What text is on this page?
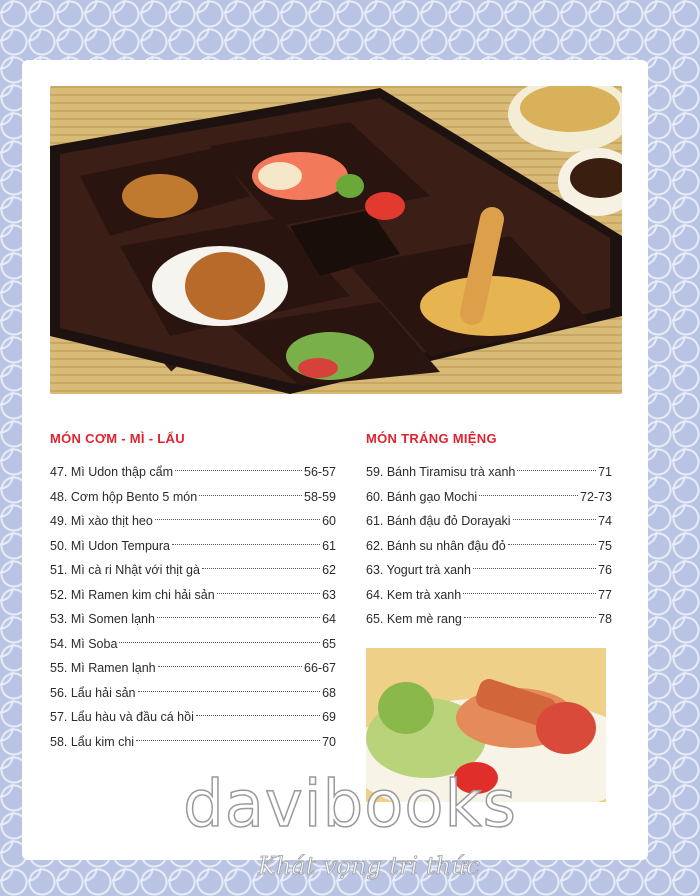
MÓN CƠM - MÌ - LẨU
47. Mì Udon thập cẩm	56-57
48. Cơm hộp Bento 5 món	58-59
49. Mì xào thịt heo	60
50. Mì Udon Tempura	61
51. Mì cà ri Nhật với thịt gà	62
52. Mì Ramen kim chi hải sản	63
53. Mì Somen lạnh	64
54. Mì Soba	65
55. Mì Ramen lạnh	66-67
56. Lẩu hải sản	68
57. Lẩu hàu và đầu cá hồi	69
58. Lẩu kim chi	70
MÓN TRÁNG MIỆNG
59. Bánh Tiramisu trà xanh	71
60. Bánh gạo Mochi	72-73
61. Bánh đậu đỏ Dorayaki	74
62. Bánh su nhân đậu đỏ	75
63. Yogurt trà xanh	76
64. Kem trà xanh	77
65. Kem mè rang	78
davibooks
Khát vọng tri thức
